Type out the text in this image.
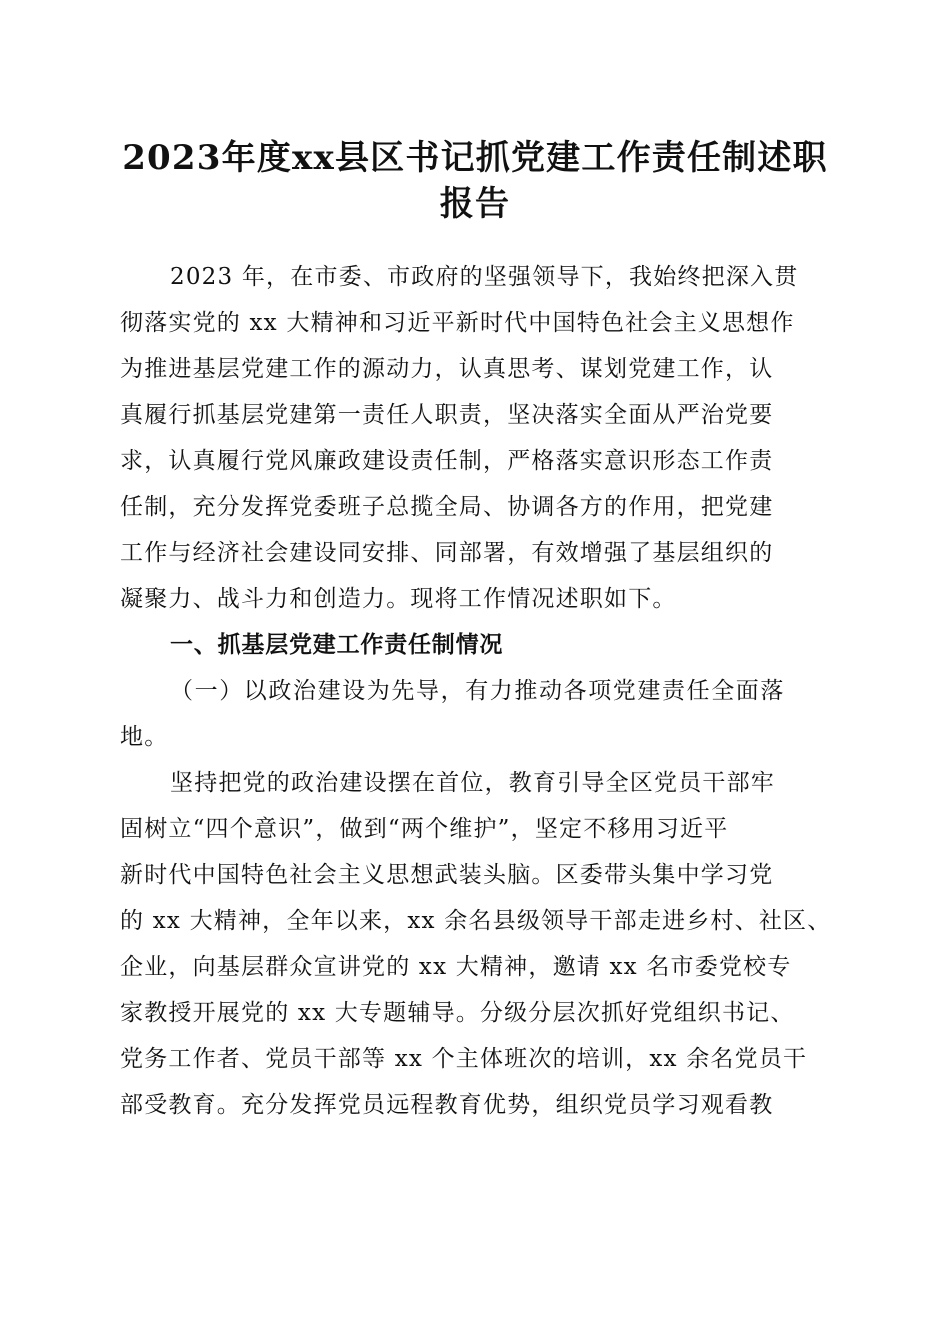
2023年度xx县区书记抓党建工作责任制述职
报告
2023 年，在市委、市政府的坚强领导下，我始终把深入贯
彻落实党的 xx 大精神和习近平新时代中国特色社会主义思想作
为推进基层党建工作的源动力，认真思考、谋划党建工作，认
真履行抓基层党建第一责任人职责，坚决落实全面从严治党要
求，认真履行党风廉政建设责任制，严格落实意识形态工作责
任制，充分发挥党委班子总揽全局、协调各方的作用，把党建
工作与经济社会建设同安排、同部署，有效增强了基层组织的
凝聚力、战斗力和创造力。现将工作情况述职如下。
一、抓基层党建工作责任制情况
（一）以政治建设为先导，有力推动各项党建责任全面落
地。
坚持把党的政治建设摆在首位，教育引导全区党员干部牢
固树立“四个意识”，做到“两个维护”，坚定不移用习近平
新时代中国特色社会主义思想武装头脑。区委带头集中学习党
的 xx 大精神，全年以来，xx 余名县级领导干部走进乡村、社区、
企业，向基层群众宣讲党的 xx 大精神，邀请 xx 名市委党校专
家教授开展党的 xx 大专题辅导。分级分层次抓好党组织书记、
党务工作者、党员干部等 xx 个主体班次的培训，xx 余名党员干
部受教育。充分发挥党员远程教育优势，组织党员学习观看教
